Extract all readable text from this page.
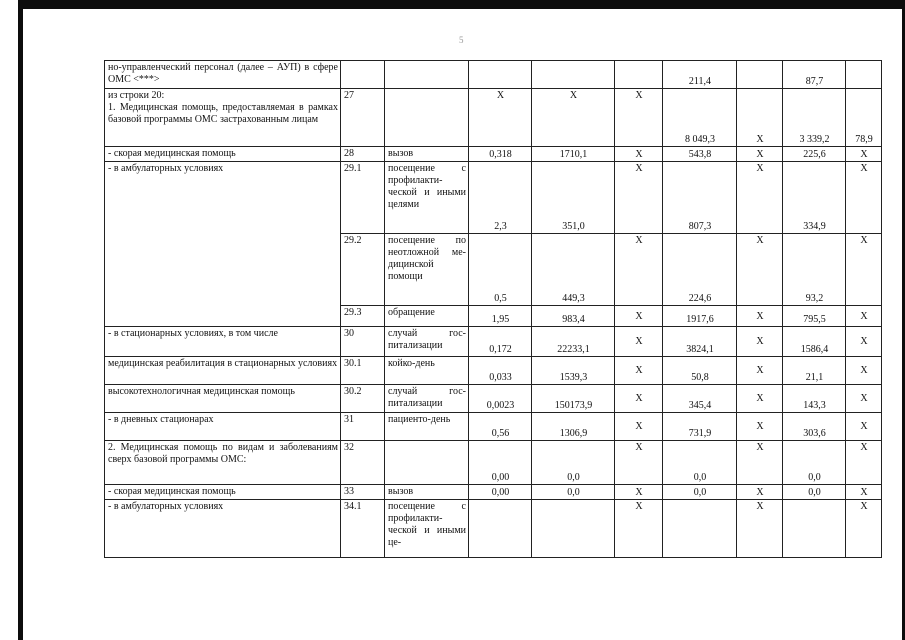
5
но-управленческий персонал (далее – АУП) в сфере ОМС <***>						211,4		87,7	
из строки 20:
1. Медицинская помощь, предоставляемая в рамках базовой программы ОМС застрахованным лицам	27		Х	Х	Х	8 049,3	Х	3 339,2	78,9
- скорая медицинская помощь	28	вызов	0,318	1710,1	Х	543,8	Х	225,6	Х
- в амбулаторных условиях	29.1	посещение с профилактической и иными целями	2,3	351,0	Х	807,3	Х	334,9	Х
	29.2	посещение по неотложной медицинской помощи	0,5	449,3	Х	224,6	Х	93,2	Х
	29.3	обращение	1,95	983,4	Х	1917,6	Х	795,5	Х
- в стационарных условиях, в том числе	30	случай госпитализации	0,172	22233,1	Х	3824,1	Х	1586,4	Х
медицинская реабилитация в стационарных условиях	30.1	койко-день	0,033	1539,3	Х	50,8	Х	21,1	Х
высокотехнологичная медицинская помощь	30.2	случай госпитализации	0,0023	150173,9	Х	345,4	Х	143,3	Х
- в дневных стационарах	31	пациенто-день	0,56	1306,9	Х	731,9	Х	303,6	Х
2. Медицинская помощь по видам и заболеваниям сверх базовой программы ОМС:	32		0,00	0,0	Х	0,0	Х	0,0	Х
- скорая медицинская помощь	33	вызов	0,00	0,0	Х	0,0	Х	0,0	Х
- в амбулаторных условиях	34.1	посещение с профилактической и иными це-			Х		Х		Х
